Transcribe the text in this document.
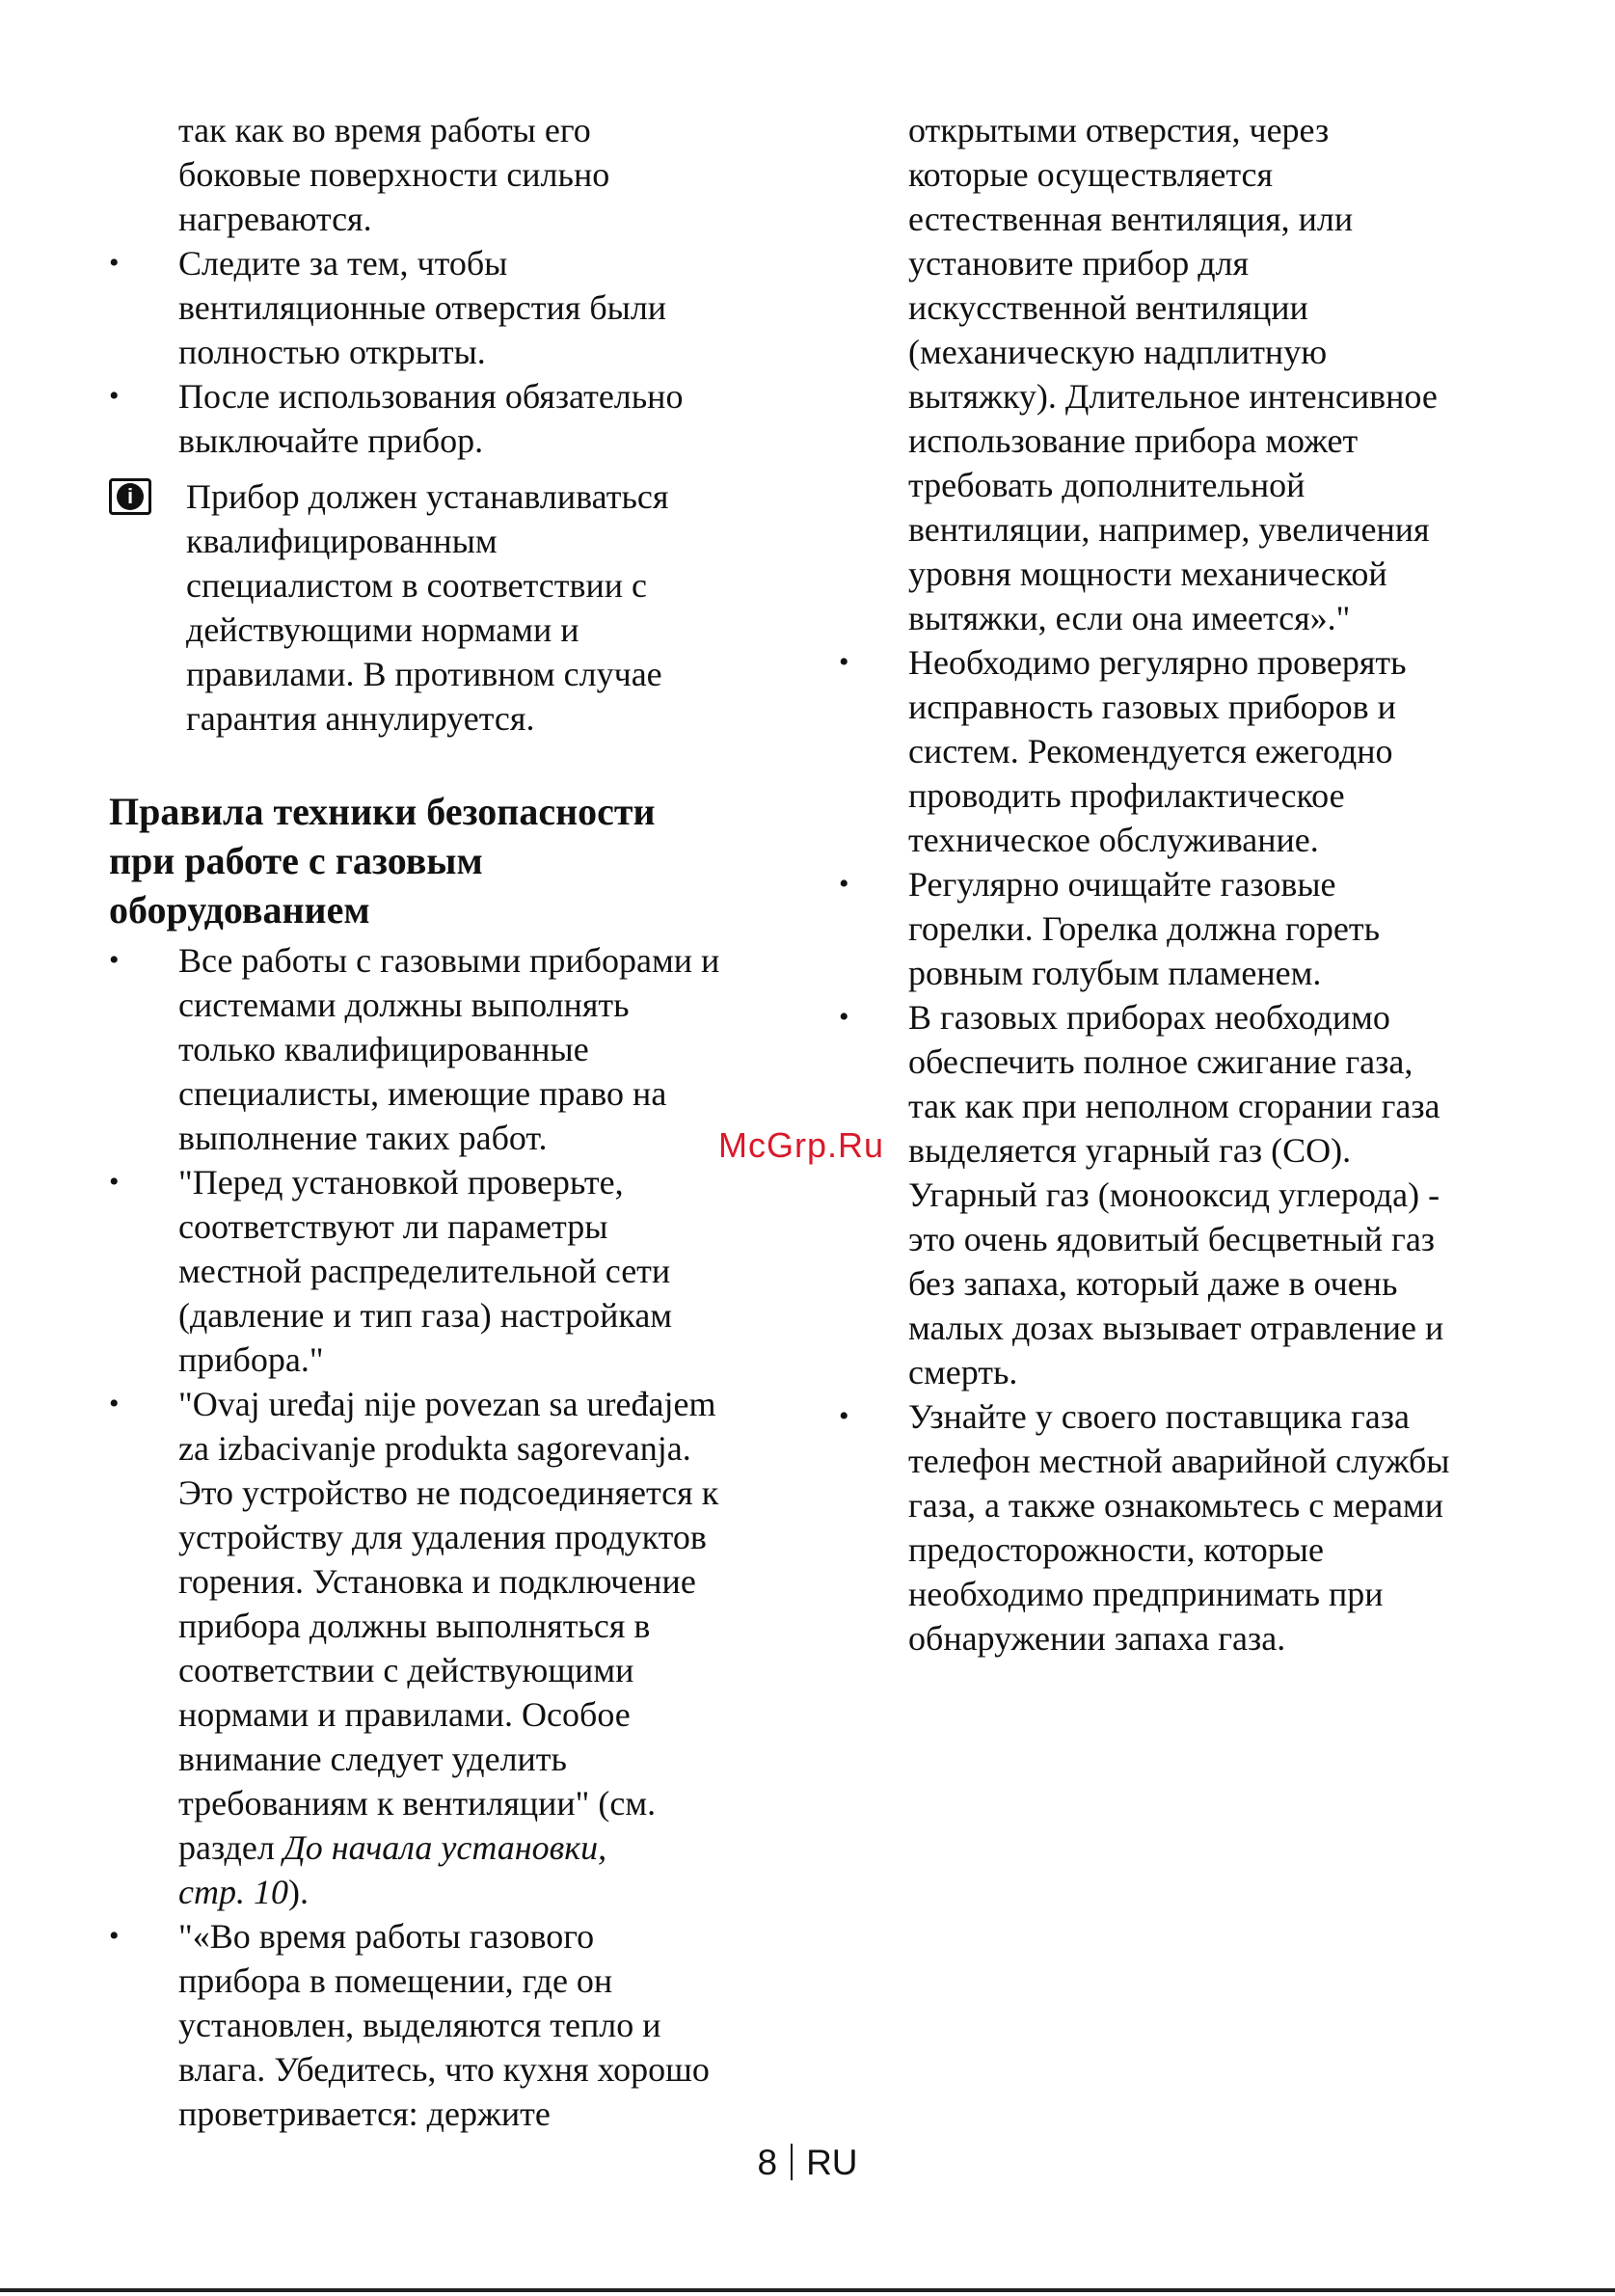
так как во время работы его

боковые поверхности сильно

нагреваются.

• Следите за тем, чтобы

вентиляционные отверстия были

полностью открыты.

• После использования обязательно

выключайте прибор.

i	Прибор должен устанавливаться

квалифицированным

специалистом в соответствии с

действующими нормами и

правилами. В противном случае

гарантия аннулируется.

Правила техники безопасности
при работе с газовым
оборудованием
• Все работы с газовыми приборами и

системами должны выполнять

только квалифицированные

специалисты, имеющие право на

выполнение таких работ.

• "Перед установкой проверьте,

соответствуют ли параметры

местной распределительной сети

(давление и тип газа) настройкам

прибора."

• "Ovaj uređaj nije povezan sa uređajem

za izbacivanje produkta sagorevanja.

Это устройство не подсоединяется к

устройству для удаления продуктов

горения. Установка и подключение

прибора должны выполняться в

соответствии с действующими

нормами и правилами. Особое

внимание следует уделить

требованиям к вентиляции" (см.

раздел До начала установки,

стр. 10).

• "«Во время работы газового

прибора в помещении, где он

установлен, выделяются тепло и

влага. Убедитесь, что кухня хорошо

проветривается: держите

открытыми отверстия, через

которые осуществляется

естественная вентиляция, или

установите прибор для

искусственной вентиляции

(механическую надплитную

вытяжку). Длительное интенсивное

использование прибора может

требовать дополнительной

вентиляции, например, увеличения

уровня мощности механической

вытяжки, если она имеется»."

• Необходимо регулярно проверять

исправность газовых приборов и

систем. Рекомендуется ежегодно

проводить профилактическое

техническое обслуживание.

• Регулярно очищайте газовые

горелки. Горелка должна гореть

ровным голубым пламенем.

• В газовых приборах необходимо

обеспечить полное сжигание газа,

так как при неполном сгорании газа

выделяется угарный газ (CO).

Угарный газ (монооксид углерода) -

это очень ядовитый бесцветный газ

без запаха, который даже в очень

малых дозах вызывает отравление и

смерть.

• Узнайте у своего поставщика газа

телефон местной аварийной службы

газа, а также ознакомьтесь с мерами

предосторожности, которые

необходимо предпринимать при

обнаружении запаха газа.

McGrp.Ru
8 RU
